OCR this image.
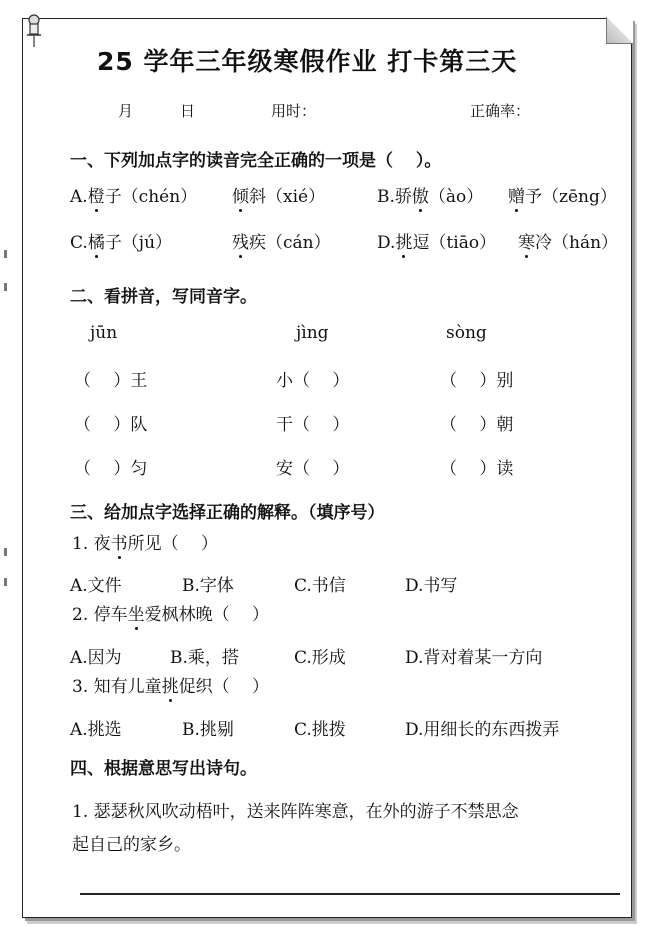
25 学年三年级寒假作业 打卡第三天
月	日	用时：	正确率：
一、下列加点字的读音完全正确的一项是（　 ）。
A.橙子（chén） 倾斜（xié）	B.骄傲（ào） 赠予（zēng）
C.橘子（jú）	残疾（cán）	D.挑逗（tiāo） 寒冷（hán）
二、看拼音，写同音字。
jūn	jìng	sòng
（　 ）王	小（　 ）	（　 ）别
（　 ）队	干（　 ）	（　 ）朝
（　 ）匀	安（　 ）	（　 ）读
三、给加点字选择正确的解释。（填序号）
1. 夜书所见（　 ）
A.文件	B.字体	C.书信	D.书写
2. 停车坐爱枫林晚（　 ）
A.因为	B.乘，搭	C.形成	D.背对着某一方向
3. 知有儿童挑促织（　 ）
A.挑选	B.挑剔	C.挑拨	D.用细长的东西拨弄
四、根据意思写出诗句。
1. 瑟瑟秋风吹动梧叶，送来阵阵寒意，在外的游子不禁思念
起自己的家乡。
